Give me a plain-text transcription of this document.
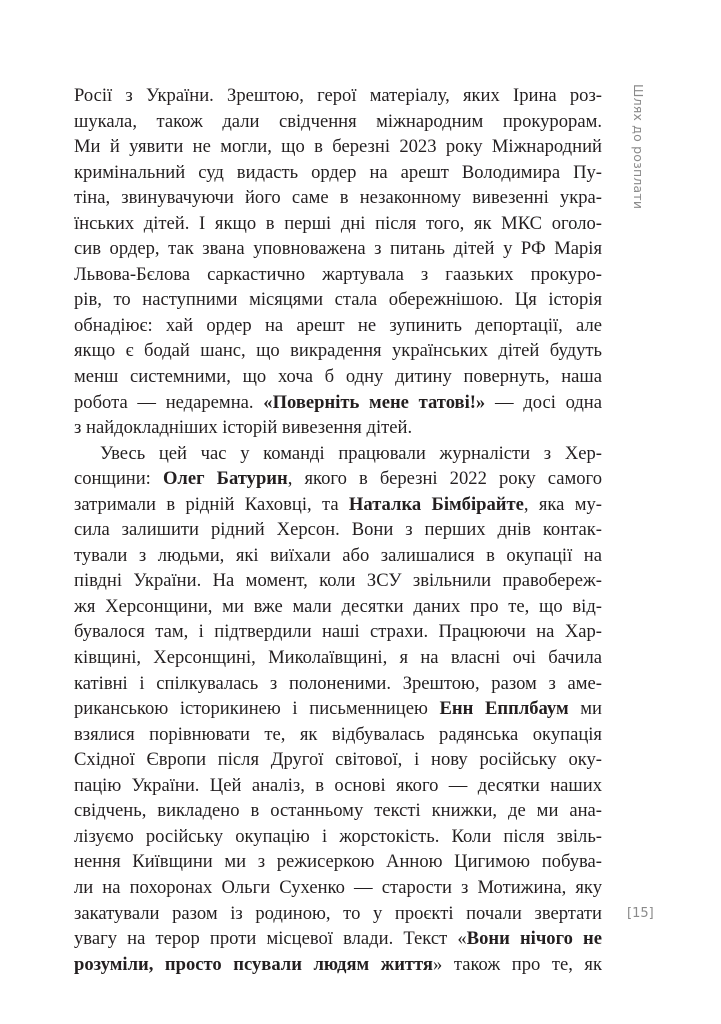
Шлях до розплати
Росії з України. Зрештою, герої матеріалу, яких Ірина роз-
шукала, також дали свідчення міжнародним прокурорам.
Ми й уявити не могли, що в березні 2023 року Міжнародний
кримінальний суд видасть ордер на арешт Володимира Пу-
тіна, звинувачуючи його саме в незаконному вивезенні укра-
їнських дітей. І якщо в перші дні після того, як МКС оголо-
сив ордер, так звана уповноважена з питань дітей у РФ Марія
Львова-Бєлова саркастично жартувала з гаазьких прокуро-
рів, то наступними місяцями стала обережнішою. Ця історія
обнадіює: хай ордер на арешт не зупинить депортації, але
якщо є бодай шанс, що викрадення українських дітей будуть
менш системними, що хоча б одну дитину повернуть, наша
робота — недаремна. «Поверніть мене татові!» — досі одна
з найдокладніших історій вивезення дітей.
Увесь цей час у команді працювали журналісти з Хер-
сонщини: Олег Батурин, якого в березні 2022 року самого
затримали в рідній Каховці, та Наталка Бімбірайте, яка му-
сила залишити рідний Херсон. Вони з перших днів контак-
тували з людьми, які виїхали або залишалися в окупації на
півдні України. На момент, коли ЗСУ звільнили правобереж-
жя Херсонщини, ми вже мали десятки даних про те, що від-
бувалося там, і підтвердили наші страхи. Працюючи на Хар-
ківщині, Херсонщині, Миколаївщині, я на власні очі бачила
катівні і спілкувалась з полоненими. Зрештою, разом з аме-
риканською історикинею і письменницею Енн Епплбаум ми
взялися порівнювати те, як відбувалась радянська окупація
Східної Європи після Другої світової, і нову російську оку-
пацію України. Цей аналіз, в основі якого — десятки наших
свідчень, викладено в останньому тексті книжки, де ми ана-
лізуємо російську окупацію і жорстокість. Коли після звіль-
нення Київщини ми з режисеркою Анною Цигимою побува-
ли на похоронах Ольги Сухенко — старости з Мотижина, яку
закатували разом із родиною, то у проєкті почали звертати
увагу на терор проти місцевої влади. Текст «Вони нічого не
розуміли, просто псували людям життя» також про те, як
[15]
